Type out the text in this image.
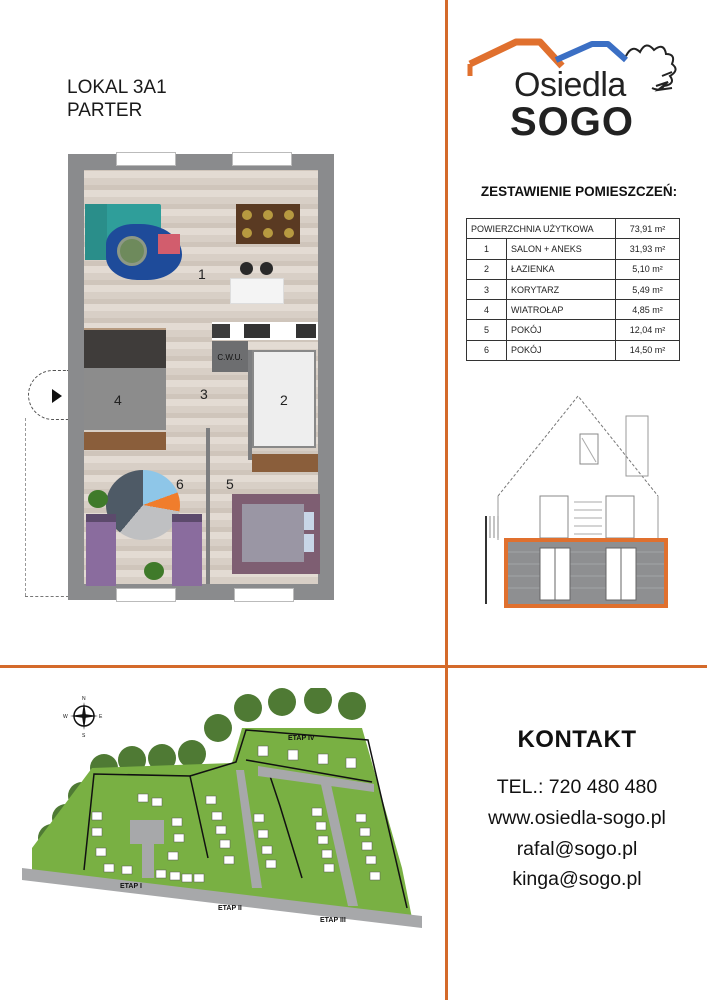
LOKAL 3A1
PARTER
1
C.W.U.
4	3	2
6	5
Osiedla
SOGO
ZESTAWIENIE POMIESZCZEŃ:
POWIERZCHNIA UŻYTKOWA		73,91 m²
1	SALON + ANEKS	31,93 m²
2	ŁAZIENKA	5,10 m²
3	KORYTARZ	5,49 m²
4	WIATROŁAP	4,85 m²
5	POKÓJ	12,04 m²
6	POKÓJ	14,50 m²
ETAP I
ETAP II
ETAP III
ETAP IV
N
E
S
W
KONTAKT
TEL.: 720 480 480
www.osiedla-sogo.pl
rafal@sogo.pl
kinga@sogo.pl
